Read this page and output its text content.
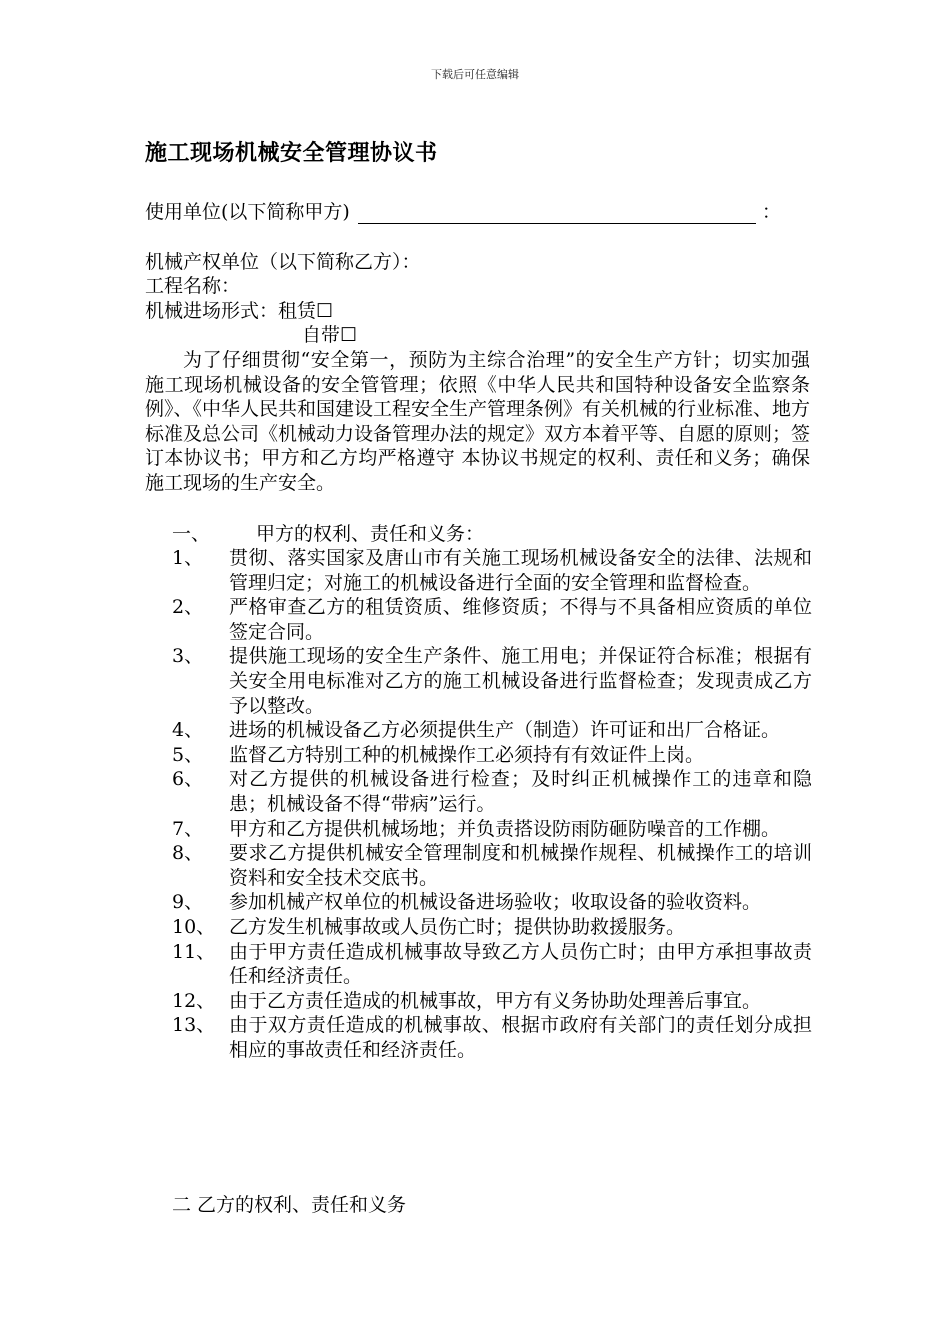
下载后可任意编辑
施工现场机械安全管理协议书
使用单位(以下简称甲方)	：
机械产权单位（以下简称乙方）：
工程名称：
机械进场形式：租赁☐
自带☐

为了仔细贯彻“安全第一，预防为主综合治理”的安全生产方针；切实加强施工现场机械设备的安全管管理；依照《中华人民共和国特种设备安全监察条例》、《中华人民共和国建设工程安全生产管理条例》有关机械的行业标准、地方标准及总公司《机械动力设备管理办法的规定》双方本着平等、自愿的原则；签订本协议书；甲方和乙方均严格遵守 本协议书规定的权利、责任和义务；确保施工现场的生产安全。

一、 甲方的权利、责任和义务：
1、	贯彻、落实国家及唐山市有关施工现场机械设备安全的法律、法规和管理归定；对施工的机械设备进行全面的安全管理和监督检查。
2、	严格审查乙方的租赁资质、维修资质；不得与不具备相应资质的单位签定合同。
3、	提供施工现场的安全生产条件、施工用电；并保证符合标准；根据有关安全用电标准对乙方的施工机械设备进行监督检查；发现责成乙方予以整改。
4、	进场的机械设备乙方必须提供生产（制造）许可证和出厂合格证。
5、	监督乙方特别工种的机械操作工必须持有有效证件上岗。
6、	对乙方提供的机械设备进行检查；及时纠正机械操作工的违章和隐患；机械设备不得“带病”运行。
7、	甲方和乙方提供机械场地；并负责搭设防雨防砸防噪音的工作棚。
8、	要求乙方提供机械安全管理制度和机械操作规程、机械操作工的培训资料和安全技术交底书。
9、	参加机械产权单位的机械设备进场验收；收取设备的验收资料。
10、 乙方发生机械事故或人员伤亡时；提供协助救援服务。
11、 由于甲方责任造成机械事故导致乙方人员伤亡时；由甲方承担事故责任和经济责任。
12、 由于乙方责任造成的机械事故，甲方有义务协助处理善后事宜。
13、 由于双方责任造成的机械事故、根据市政府有关部门的责任划分成担相应的事故责任和经济责任。
二 乙方的权利、责任和义务
